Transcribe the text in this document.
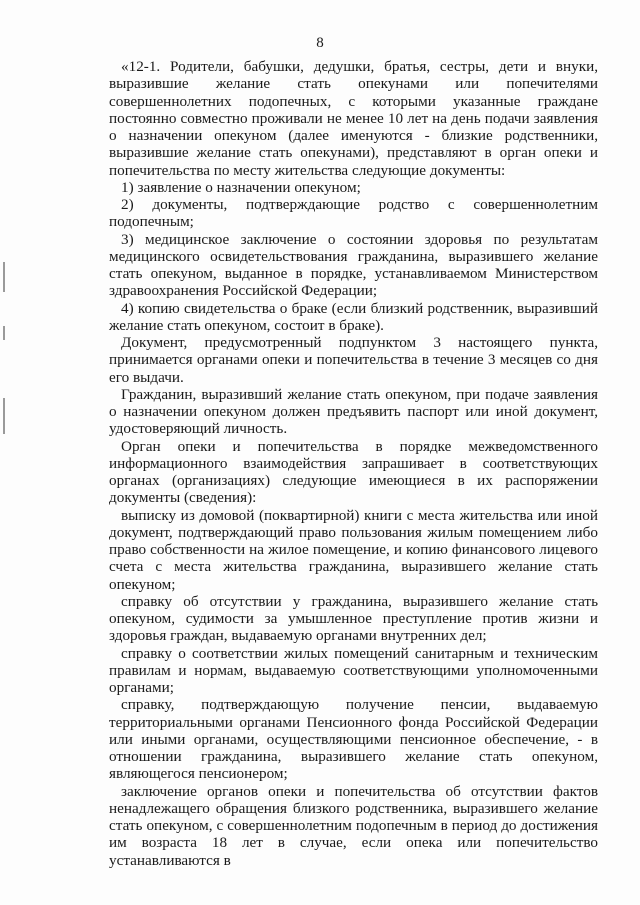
8

«12-1. Родители, бабушки, дедушки, братья, сестры, дети и внуки, выразившие желание стать опекунами или попечителями совершеннолетних подопечных, с которыми указанные граждане постоянно совместно проживали не менее 10 лет на день подачи заявления о назначении опекуном (далее именуются - близкие родственники, выразившие желание стать опекунами), представляют в орган опеки и попечительства по месту жительства следующие документы:

1) заявление о назначении опекуном;

2) документы, подтверждающие родство с совершеннолетним подопечным;

3) медицинское заключение о состоянии здоровья по результатам медицинского освидетельствования гражданина, выразившего желание стать опекуном, выданное в порядке, устанавливаемом Министерством здравоохранения Российской Федерации;

4) копию свидетельства о браке (если близкий родственник, выразивший желание стать опекуном, состоит в браке).

Документ, предусмотренный подпунктом 3 настоящего пункта, принимается органами опеки и попечительства в течение 3 месяцев со дня его выдачи.

Гражданин, выразивший желание стать опекуном, при подаче заявления о назначении опекуном должен предъявить паспорт или иной документ, удостоверяющий личность.

Орган опеки и попечительства в порядке межведомственного информационного взаимодействия запрашивает в соответствующих органах (организациях) следующие имеющиеся в их распоряжении документы (сведения):

выписку из домовой (поквартирной) книги с места жительства или иной документ, подтверждающий право пользования жилым помещением либо право собственности на жилое помещение, и копию финансового лицевого счета с места жительства гражданина, выразившего желание стать опекуном;

справку об отсутствии у гражданина, выразившего желание стать опекуном, судимости за умышленное преступление против жизни и здоровья граждан, выдаваемую органами внутренних дел;

справку о соответствии жилых помещений санитарным и техническим правилам и нормам, выдаваемую соответствующими уполномоченными органами;

справку, подтверждающую получение пенсии, выдаваемую территориальными органами Пенсионного фонда Российской Федерации или иными органами, осуществляющими пенсионное обеспечение, - в отношении гражданина, выразившего желание стать опекуном, являющегося пенсионером;

заключение органов опеки и попечительства об отсутствии фактов ненадлежащего обращения близкого родственника, выразившего желание стать опекуном, с совершеннолетним подопечным в период до достижения им возраста 18 лет в случае, если опека или попечительство устанавливаются в
